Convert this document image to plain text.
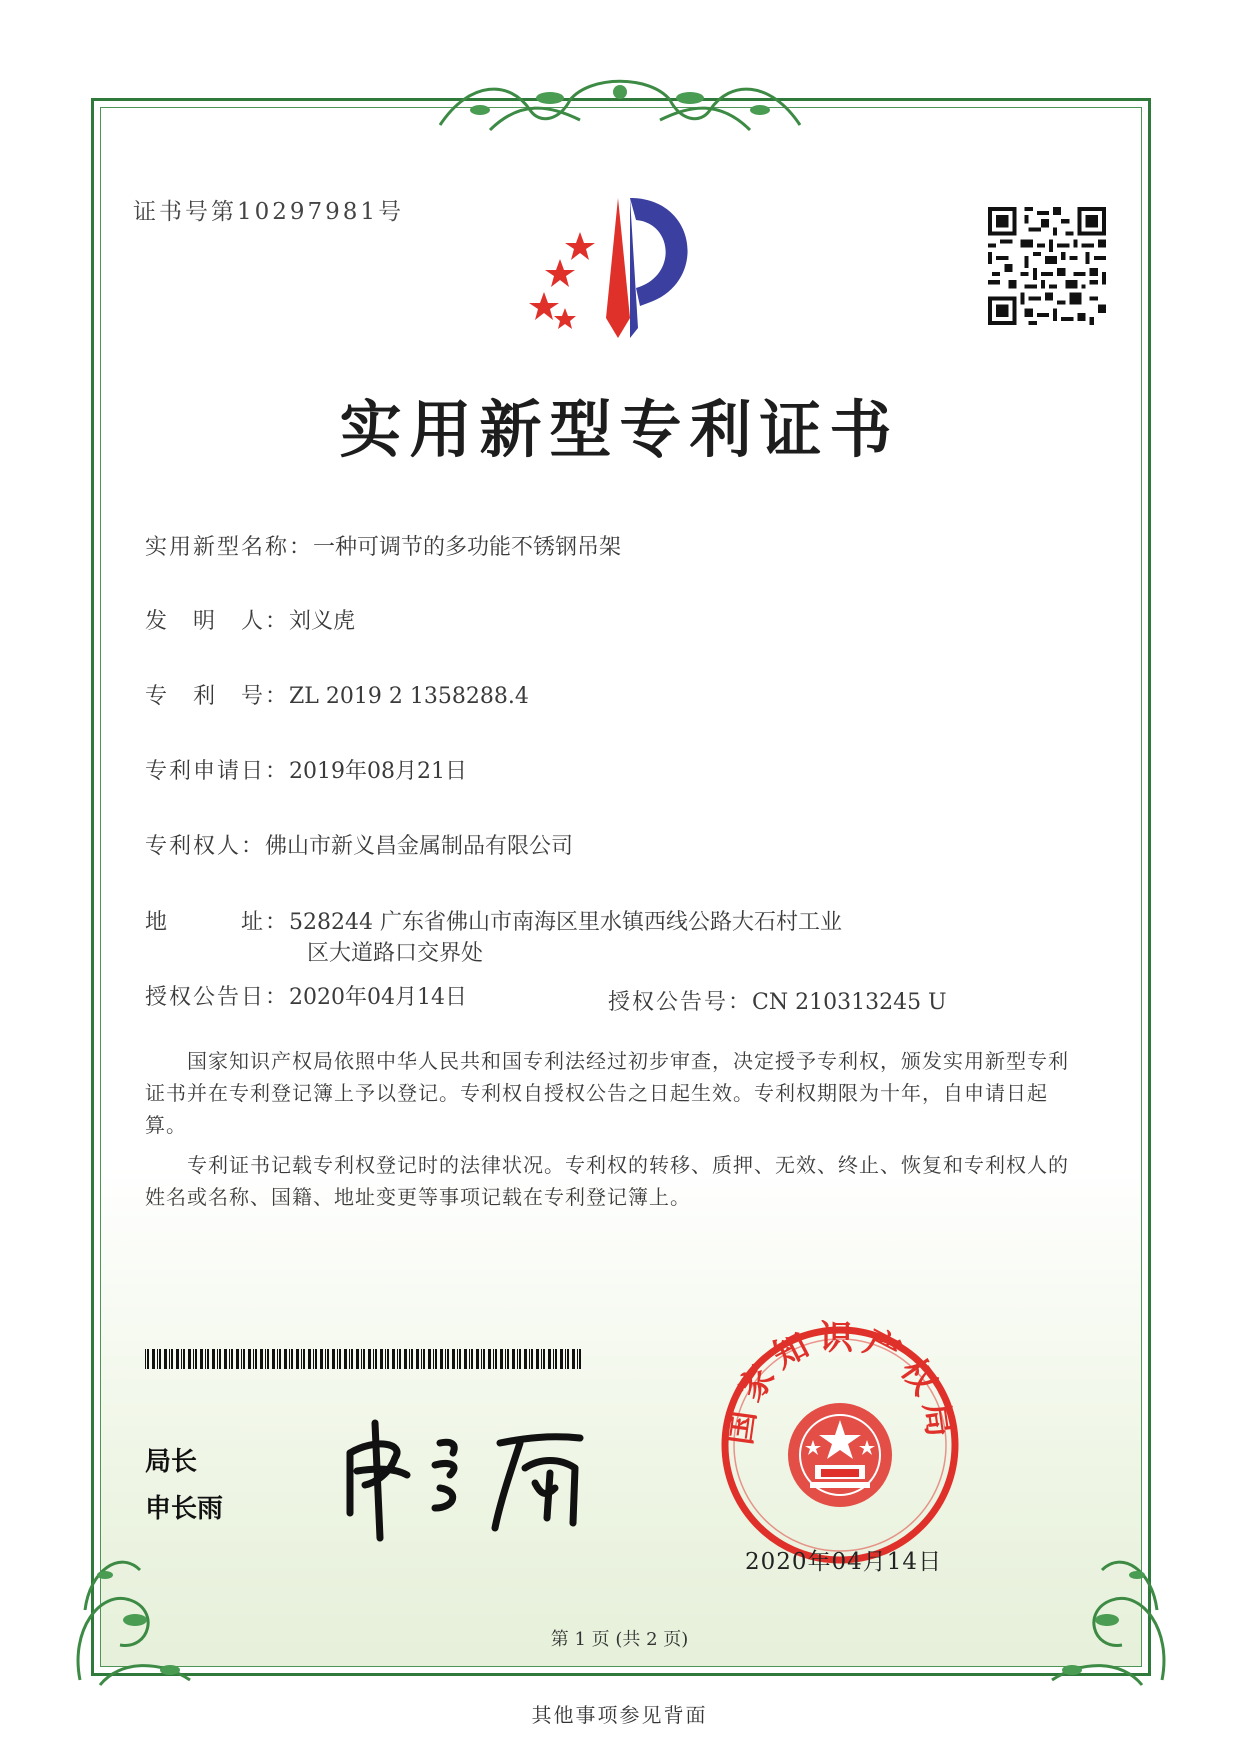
证书号第10297981号
实用新型专利证书
实用新型名称：一种可调节的多功能不锈钢吊架
发　明　人：刘义虎
专　利　号：ZL 2019 2 1358288.4
专利申请日：2019年08月21日
专利权人：佛山市新义昌金属制品有限公司
地　　　址：528244 广东省佛山市南海区里水镇西线公路大石村工业
区大道路口交界处
授权公告日：2020年04月14日	授权公告号：CN 210313245 U
国家知识产权局依照中华人民共和国专利法经过初步审查，决定授予专利权，颁发实用新型专利证书并在专利登记簿上予以登记。专利权自授权公告之日起生效。专利权期限为十年，自申请日起算。
专利证书记载专利权登记时的法律状况。专利权的转移、质押、无效、终止、恢复和专利权人的姓名或名称、国籍、地址变更等事项记载在专利登记簿上。
局长
申长雨
国家知识产权局
2020年04月14日
第 1 页 (共 2 页)
其他事项参见背面
